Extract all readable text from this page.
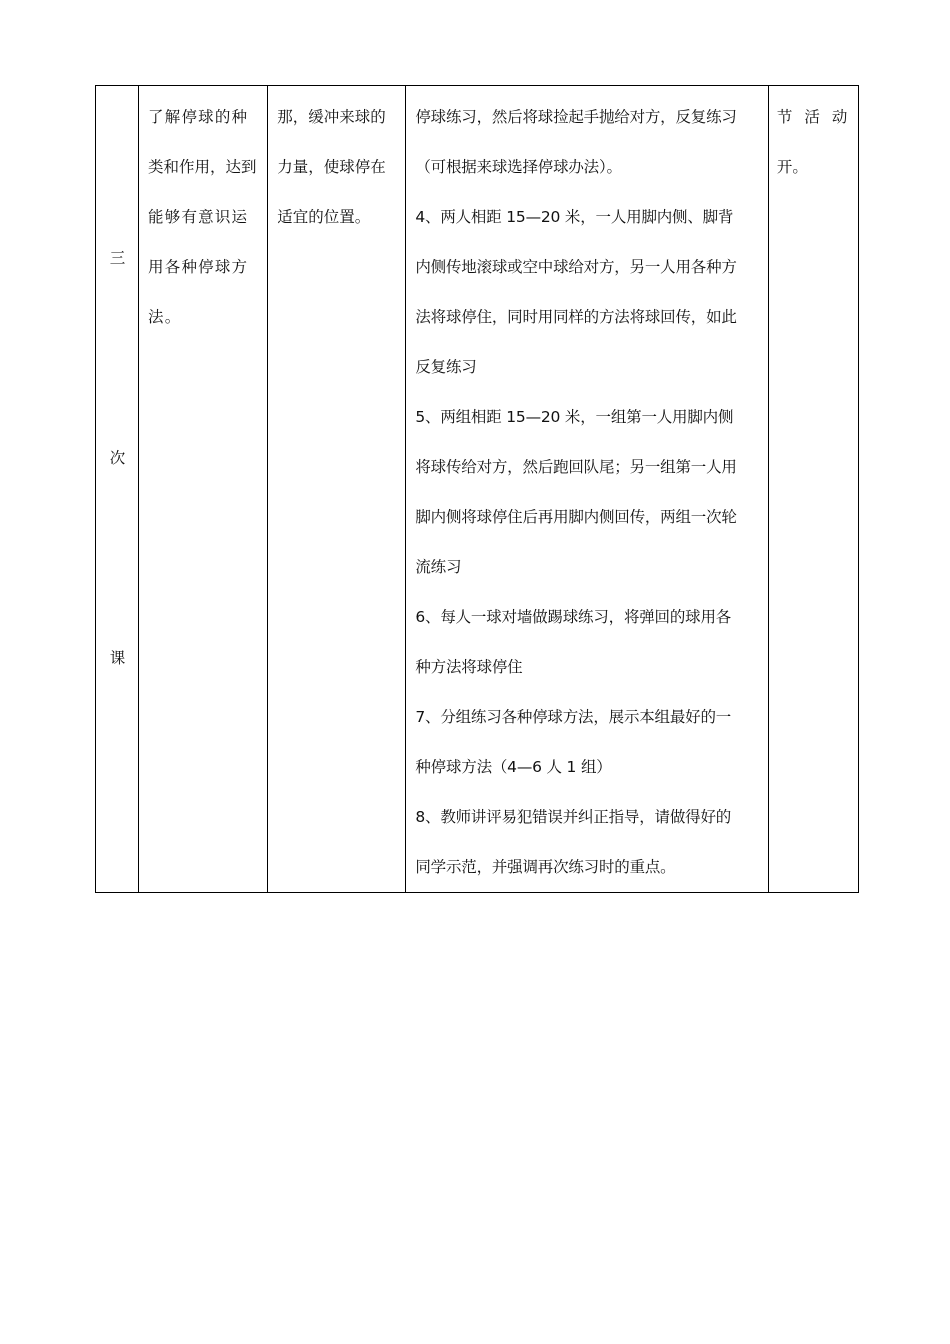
三
次
课

了解停球的种
类和作用，达到
能够有意识运
用各种停球方
法。

那，缓冲来球的
力量，使球停在
适宜的位置。

停球练习，然后将球捡起手抛给对方，反复练习
（可根据来球选择停球办法）。
4、两人相距 15—20 米，一人用脚内侧、脚背
内侧传地滚球或空中球给对方，另一人用各种方
法将球停住，同时用同样的方法将球回传，如此
反复练习
5、两组相距 15—20 米，一组第一人用脚内侧
将球传给对方，然后跑回队尾；另一组第一人用
脚内侧将球停住后再用脚内侧回传，两组一次轮
流练习
6、每人一球对墙做踢球练习，将弹回的球用各
种方法将球停住
7、分组练习各种停球方法，展示本组最好的一
种停球方法（4—6 人 1 组）
8、教师讲评易犯错误并纠正指导，请做得好的
同学示范，并强调再次练习时的重点。

节活动
开。
